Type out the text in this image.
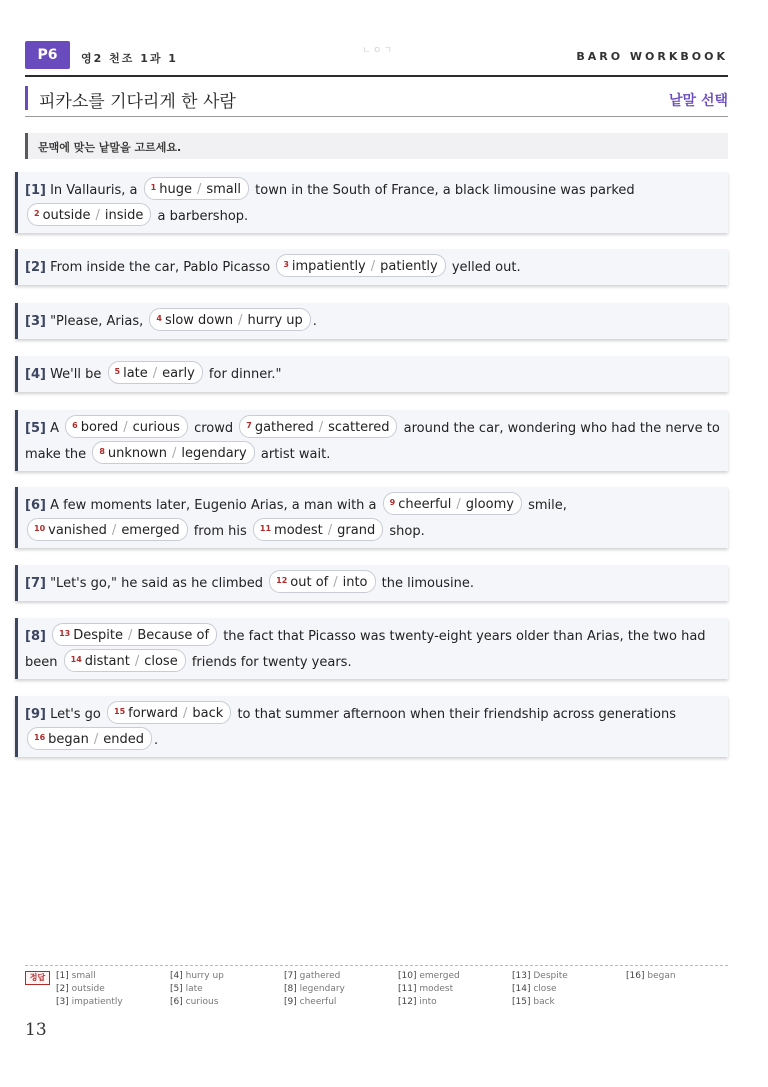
P6	영2 천조 1과 1	BARO WORKBOOK
ㄴㅇㄱ
피카소를 기다리게 한 사람	낱말 선택
문맥에 맞는 낱말을 고르세요.
[1] In Vallauris, a $^1$ huge / small town in the South of France, a black limousine was parked $^2$ outside / inside a barbershop.
[2] From inside the car, Pablo Picasso $^3$ impatiently / patiently yelled out.
[3] "Please, Arias, $^4$ slow down / hurry up .
[4] We'll be $^5$ late / early for dinner."
[5] A $^6$ bored / curious crowd $^7$ gathered / scattered around the car, wondering who had the nerve to make the $^8$ unknown / legendary artist wait.
[6] A few moments later, Eugenio Arias, a man with a $^9$ cheerful / gloomy smile, $^{10}$ vanished / emerged from his $^{11}$ modest / grand shop.
[7] "Let's go," he said as he climbed $^{12}$ out of / into the limousine.
[8] $^{13}$ Despite / Because of the fact that Picasso was twenty-eight years older than Arias, the two had been $^{14}$ distant / close friends for twenty years.
[9] Let's go $^{15}$ forward / back to that summer afternoon when their friendship across generations $^{16}$ began / ended .
정답	[1] small
[2] outside
[3] impatiently
[4] hurry up
[5] late
[6] curious
[7] gathered
[8] legendary
[9] cheerful
[10] emerged
[11] modest
[12] into
[13] Despite
[14] close
[15] back
[16] began
13
